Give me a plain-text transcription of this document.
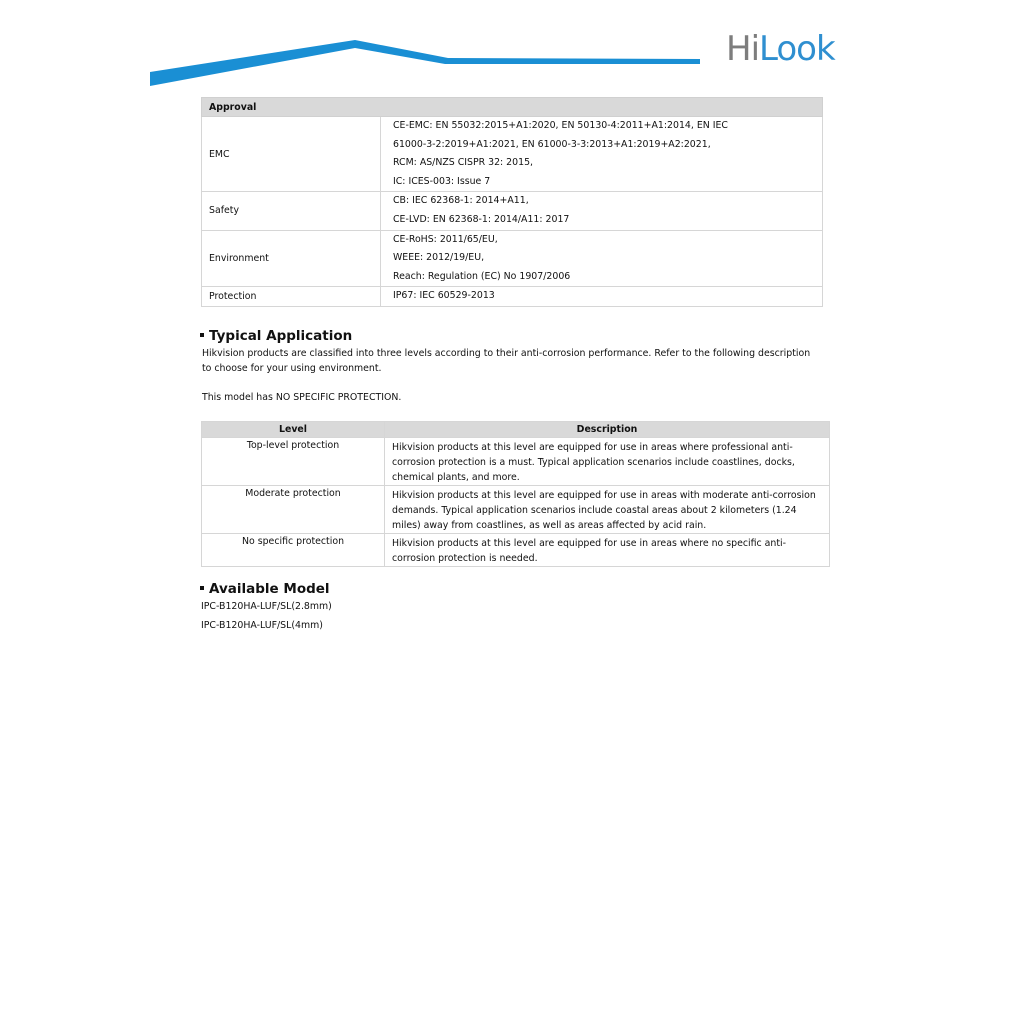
HiLook
Approval	
EMC	CE-EMC: EN 55032:2015+A1:2020, EN 50130-4:2011+A1:2014, EN IEC
61000-3-2:2019+A1:2021, EN 61000-3-3:2013+A1:2019+A2:2021,
RCM: AS/NZS CISPR 32: 2015,
IC: ICES-003: Issue 7

Safety	CB: IEC 62368-1: 2014+A11,
CE-LVD: EN 62368-1: 2014/A11: 2017

Environment	CE-RoHS: 2011/65/EU,
WEEE: 2012/19/EU,
Reach: Regulation (EC) No 1907/2006

Protection	IP67: IEC 60529-2013
Typical Application
Hikvision products are classified into three levels according to their anti-corrosion performance. Refer to the following description to choose for your using environment.
This model has NO SPECIFIC PROTECTION.
Level	Description
Top-level protection	Hikvision products at this level are equipped for use in areas where professional anti-corrosion protection is a must. Typical application scenarios include coastlines, docks, chemical plants, and more.
Moderate protection	Hikvision products at this level are equipped for use in areas with moderate anti-corrosion demands. Typical application scenarios include coastal areas about 2 kilometers (1.24 miles) away from coastlines, as well as areas affected by acid rain.
No specific protection	Hikvision products at this level are equipped for use in areas where no specific anti-corrosion protection is needed.
Available Model
IPC-B120HA-LUF/SL(2.8mm)
IPC-B120HA-LUF/SL(4mm)
